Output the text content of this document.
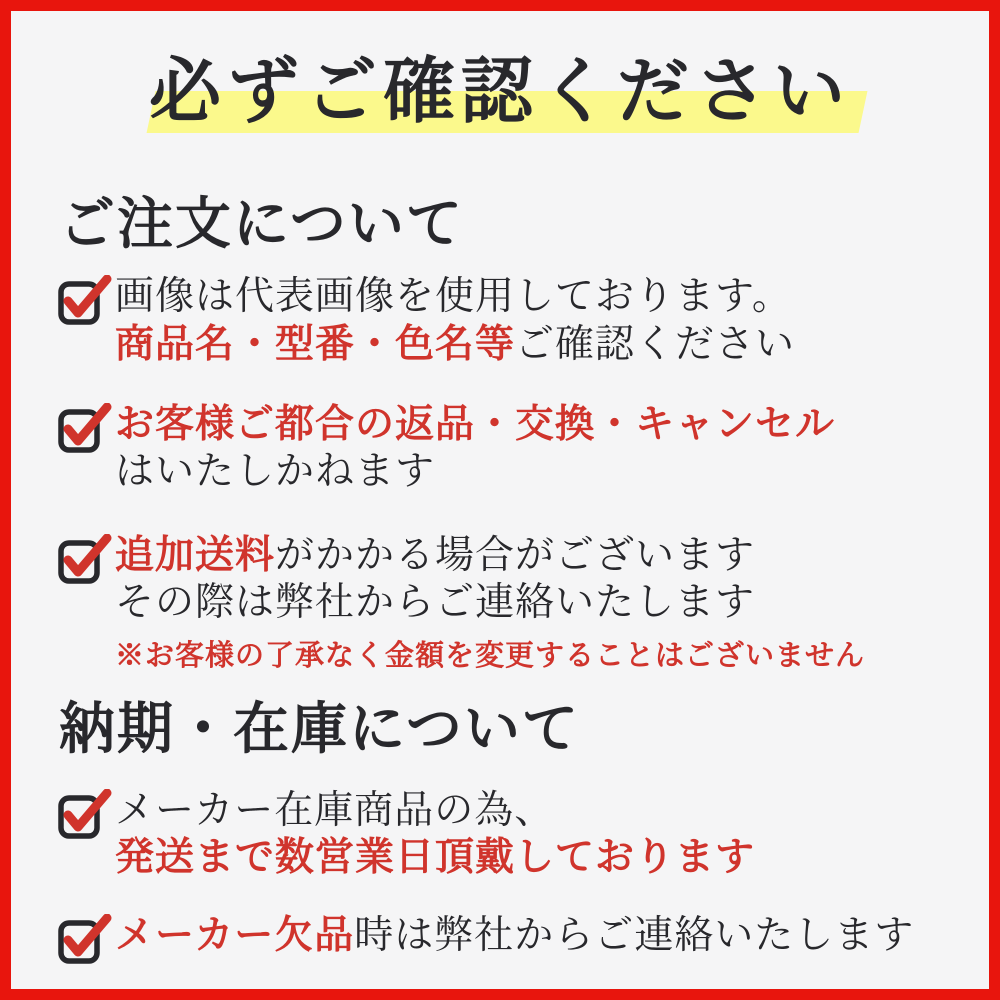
必ずご確認ください
ご注文について

画像は代表画像を使用しております。

商品名・型番・色名等ご確認ください

お客様ご都合の返品・交換・キャンセル

はいたしかねます

追加送料がかかる場合がございます

その際は弊社からご連絡いたします

※お客様の了承なく金額を変更することはございません
納期・在庫について

メーカー在庫商品の為、

発送まで数営業日頂戴しております

メーカー欠品時は弊社からご連絡いたします
